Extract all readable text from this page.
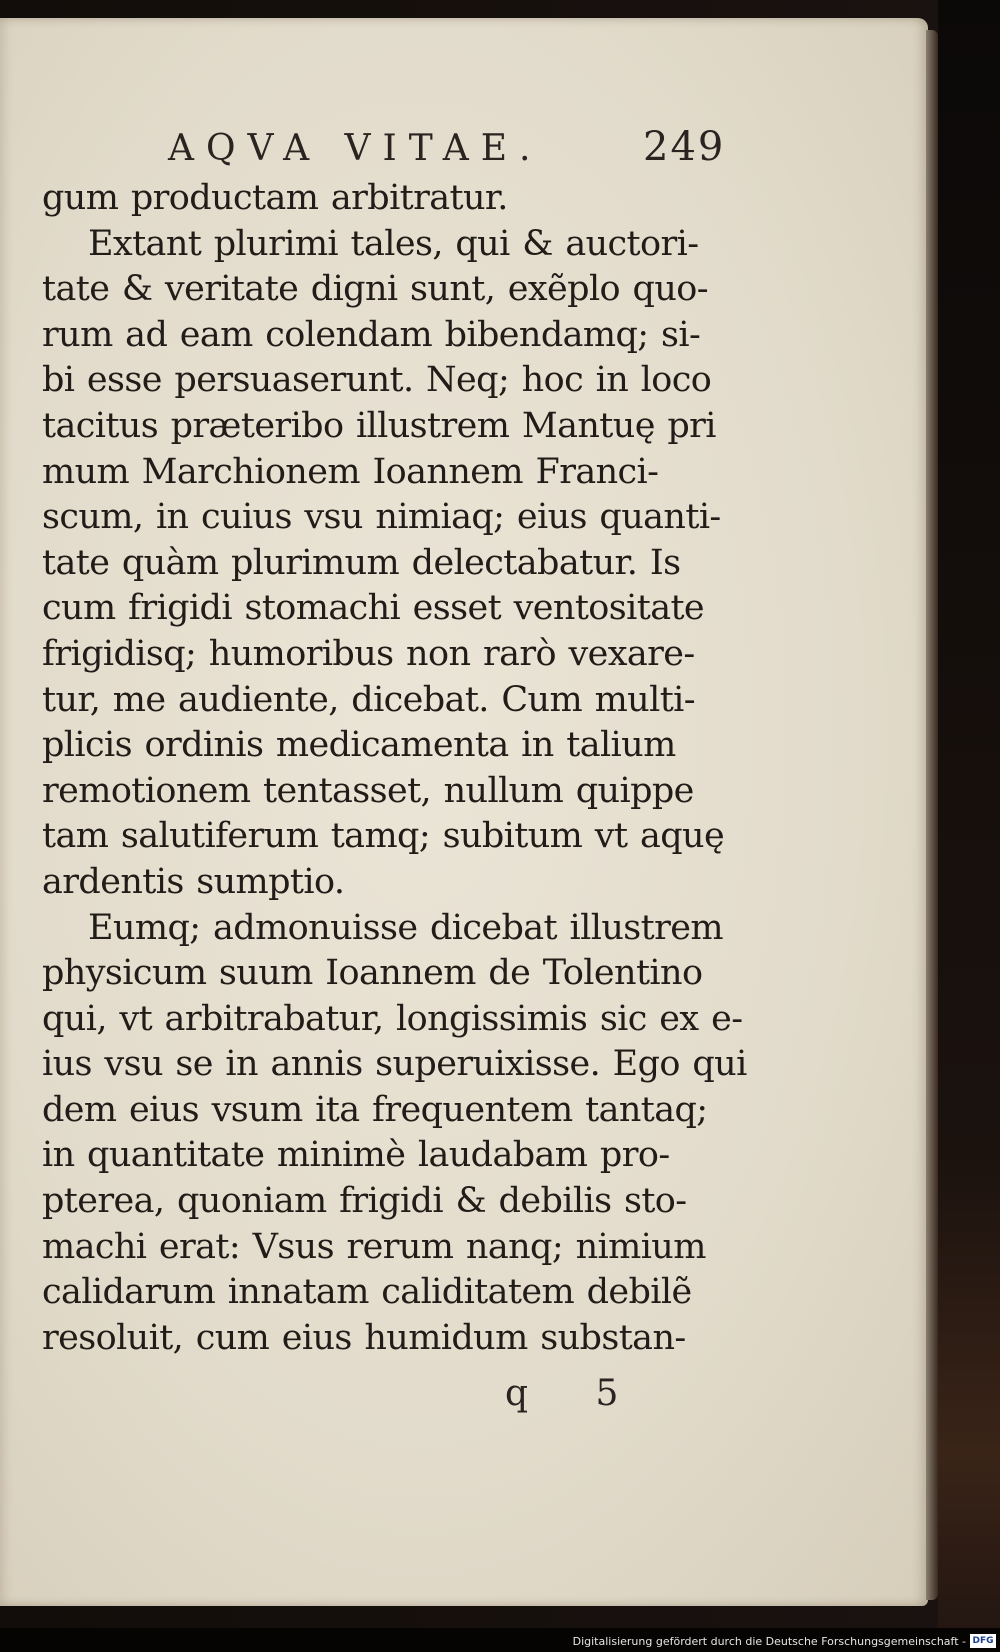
AQVA VITAE.	249
gum productam arbitratur.
Extant plurimi tales, qui & auctori-
tate & veritate digni sunt, exẽplo quo-
rum ad eam colendam bibendamq; si-
bi esse persuaserunt. Neq; hoc in loco
tacitus prӕteribo illustrem Mantuę pri
mum Marchionem Ioannem Franci-
scum, in cuius vsu nimiaq; eius quanti-
tate quàm plurimum delectabatur. Is
cum frigidi stomachi esset ventositate
frigidisq; humoribus non rarò vexare-
tur, me audiente, dicebat. Cum multi-
plicis ordinis medicamenta in talium
remotionem tentasset, nullum quippe
tam salutiferum tamq; subitum vt aquę
ardentis sumptio.
Eumq; admonuisse dicebat illustrem
physicum suum Ioannem de Tolentino
qui, vt arbitrabatur, longissimis sic ex e-
ius vsu se in annis superuixisse. Ego qui
dem eius vsum ita frequentem tantaq;
in quantitate minimè laudabam pro-
pterea, quoniam frigidi & debilis sto-
machi erat: Vsus rerum nanq; nimium
calidarum innatam caliditatem debilẽ
resoluit, cum eius humidum substan-
q 5
Digitalisierung gefördert durch die Deutsche Forschungsgemeinschaft - DFG
